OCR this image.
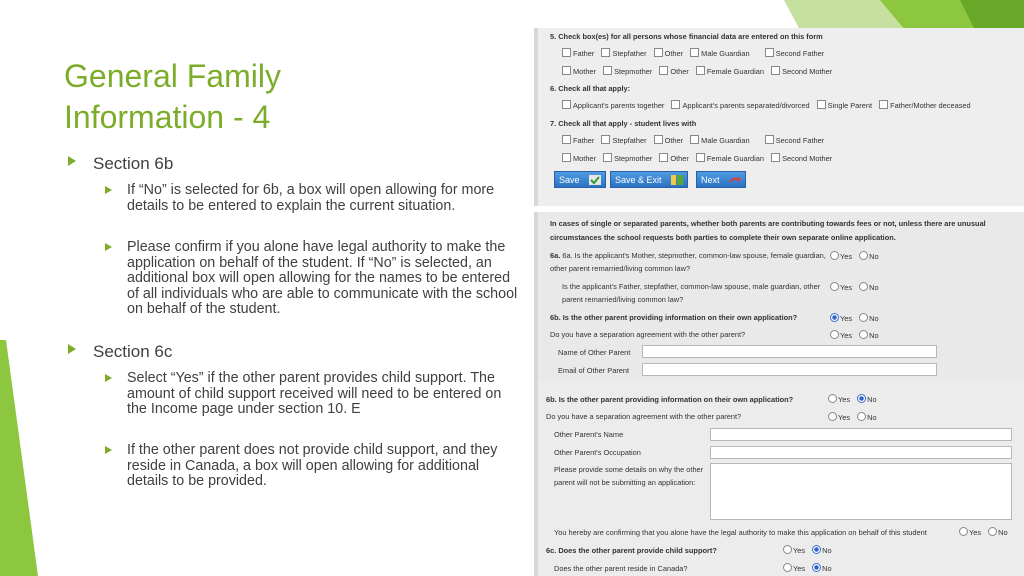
General Family
Information - 4
Section 6b
If “No” is selected for 6b, a box will open allowing for more details to be entered to explain the current situation.
Please confirm if you alone have legal authority to make the application on behalf of the student. If “No” is selected, an additional box will open allowing for the names to be entered of all individuals who are able to communicate with the school on behalf of the student.
Section 6c
Select “Yes” if the other parent provides child support. The amount of child support received will need to be entered on the Income page under section 10. E
If the other parent does not provide child support, and they reside in Canada, a box will open allowing for additional details to be provided.
5. Check box(es) for all persons whose financial data are entered on this form
Father Stepfather Other Male Guardian	Second Father
Mother Stepmother Other Female Guardian Second Mother
6. Check all that apply:
Applicant's parents together Applicant's parents separated/divorced Single Parent Father/Mother deceased
7. Check all that apply - student lives with
Father Stepfather Other Male Guardian	Second Father
Mother Stepmother Other Female Guardian Second Mother
Save	Save & Exit	Next
In cases of single or separated parents, whether both parents are contributing towards fees or not, unless there are unusual
circumstances the school requests both parties to complete their own separate online application.
6a. 6a. Is the applicant's Mother, stepmother, common-law spouse, female guardian,
other parent remarried/living common law?
Yes No
Is the applicant's Father, stepfather, common-law spouse, male guardian, other
parent remarried/living common law?
Yes No
6b. Is the other parent providing information on their own application?	Yes No
Do you have a separation agreement with the other parent?	Yes No
Name of Other Parent
Email of Other Parent
6b. Is the other parent providing information on their own application?	Yes No
Do you have a separation agreement with the other parent?	Yes No
Other Parent's Name
Other Parent's Occupation
Please provide some details on why the other
parent will not be submitting an application:
You hereby are confirming that you alone have the legal authority to make this application on behalf of this student	Yes No
6c. Does the other parent provide child support?	Yes No
Does the other parent reside in Canada?	Yes No
